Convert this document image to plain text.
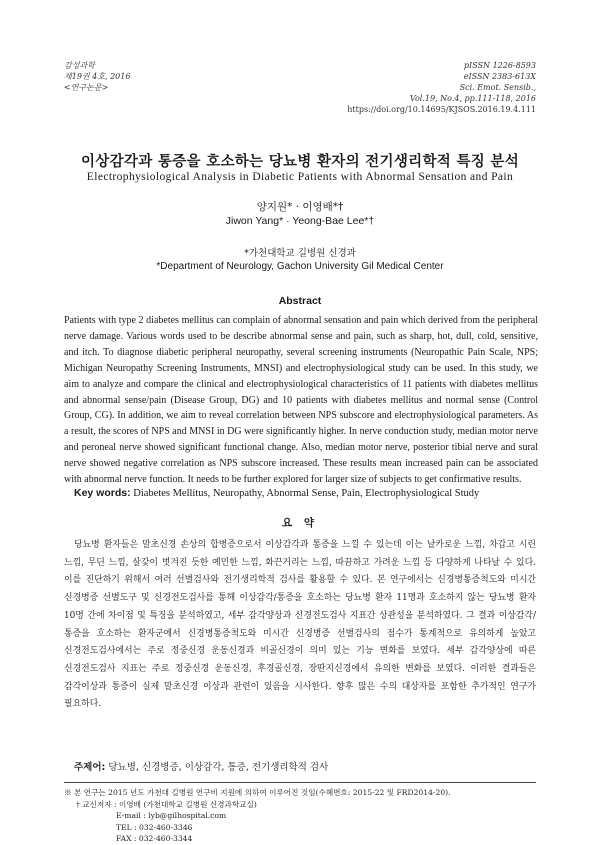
감성과학
제19권 4호, 2016
<연구논문>
pISSN 1226-8593
eISSN 2383-613X
Sci. Emot. Sensib.,
Vol.19, No.4, pp.111-118, 2016
https://doi.org/10.14695/KJSOS.2016.19.4.111
이상감각과 통증을 호소하는 당뇨병 환자의 전기생리학적 특징 분석
Electrophysiological Analysis in Diabetic Patients with Abnormal Sensation and Pain
양지원* · 이영배*†
Jiwon Yang* · Yeong-Bae Lee*†
*가천대학교 길병원 신경과
*Department of Neurology, Gachon University Gil Medical Center
Abstract

Patients with type 2 diabetes mellitus can complain of abnormal sensation and pain which derived from the peripheral nerve damage. Various words used to be describe abnormal sense and pain, such as sharp, hot, dull, cold, sensitive, and itch. To diagnose diabetic peripheral neuropathy, several screening instruments (Neuropathic Pain Scale, NPS; Michigan Neuropathy Screening Instruments, MNSI) and electrophysiological study can be used. In this study, we aim to analyze and compare the clinical and electrophysiological characteristics of 11 patients with diabetes mellitus and abnormal sense/pain (Disease Group, DG) and 10 patients with diabetes mellitus and normal sense (Control Group, CG). In addition, we aim to reveal correlation between NPS subscore and electrophysiological parameters. As a result, the scores of NPS and MNSI in DG were significantly higher. In nerve conduction study, median motor nerve and peroneal nerve showed significant functional change. Also, median motor nerve, posterior tibial nerve and sural nerve showed negative correlation as NPS subscore increased. These results mean increased pain can be associated with abnormal nerve function. It needs to be further explored for larger size of subjects to get confirmative results.

Key words: Diabetes Mellitus, Neuropathy, Abnormal Sense, Pain, Electrophysiological Study
요 약
당뇨병 환자들은 말초신경 손상의 합병증으로서 이상감각과 통증을 느낄 수 있는데 이는 날카로운 느낌, 차갑고 시린 느낌, 무딘 느낌, 살갗이 벗겨진 듯한 예민한 느낌, 화끈거리는 느낌, 따끔하고 가려운 느낌 등 다양하게 나타날 수 있다. 이를 진단하기 위해서 여러 선별검사와 전기생리학적 검사를 활용할 수 있다. 본 연구에서는 신경병통증척도와 미시간 신경병증 선별도구 및 신경전도검사를 통해 이상감각/통증을 호소하는 당뇨병 환자 11명과 호소하지 않는 당뇨병 환자 10명 간에 차이점 및 특징을 분석하였고, 세부 감각양상과 신경전도검사 지표간 상관성을 분석하였다. 그 결과 이상감각/통증을 호소하는 환자군에서 신경병통증척도와 미시간 신경병증 선별검사의 점수가 통계적으로 유의하게 높았고 신경전도검사에서는 주로 정중신경 운동신경과 비골신경이 의미 있는 기능 변화를 보였다. 세부 감각양상에 따른 신경전도검사 지표는 주로 정중신경 운동신경, 후경골신경, 장딴지신경에서 유의한 변화를 보였다. 이러한 결과들은 감각이상과 통증이 실제 말초신경 이상과 관련이 있음을 시사한다. 향후 많은 수의 대상자를 포함한 추가적인 연구가 필요하다.
주제어: 당뇨병, 신경병증, 이상감각, 통증, 전기생리학적 검사
※ 본 연구는 2015 년도 가천대 길병원 연구비 지원에 의하여 이루어진 것임(수혜번호: 2015-22 및 FRD2014-20).
† 교신저자 : 이영배 (가천대학교 길병원 신경과학교실)
E-mail : lyb@gilhospital.com
TEL : 032-460-3346
FAX : 032-460-3344
